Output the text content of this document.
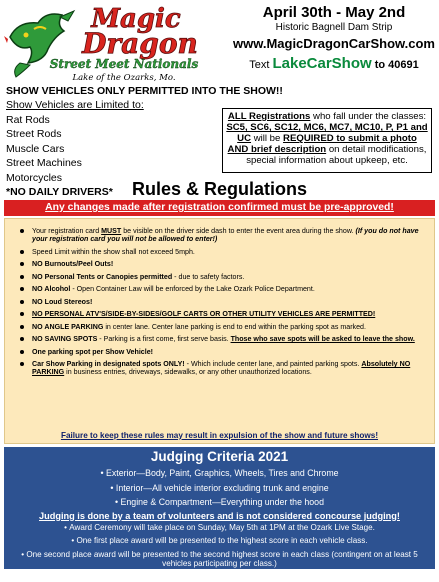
Magic
Dragon
Street Meet Nationals
Lake of the Ozarks, Mo.
April 30th - May 2nd
Historic Bagnell Dam Strip
www.MagicDragonCarShow.com
Text LakeCarShow to 40691
SHOW VEHICLES ONLY PERMITTED INTO THE SHOW!!
Show Vehicles are Limited to:
Rat Rods
Street Rods
Muscle Cars
Street Machines
Motorcycles
*NO DAILY DRIVERS*
ALL Registrations who fall under the classes: SC5, SC6, SC12, MC6, MC7, MC10, P, P1 and UC will be REQUIRED to submit a photo AND brief description on detail modifications, special information about upkeep, etc.
Rules & Regulations
Any changes made after registration confirmed must be pre-approved!
Your registration card MUST be visible on the driver side dash to enter the event area during the show. (If you do not have your registration card you will not be allowed to enter!)
Speed Limit within the show shall not exceed 5mph.
NO Burnouts/Peel Outs!
NO Personal Tents or Canopies permitted - due to safety factors.
NO Alcohol - Open Container Law will be enforced by the Lake Ozark Police Department.
NO Loud Stereos!
NO PERSONAL ATV'S/SIDE-BY-SIDES/GOLF CARTS OR OTHER UTILITY VEHICLES ARE PERMITTED!
NO ANGLE PARKING in center lane. Center lane parking is end to end within the parking spot as marked.
NO SAVING SPOTS - Parking is a first come, first serve basis. Those who save spots will be asked to leave the show.
One parking spot per Show Vehicle!
Car Show Parking in designated spots ONLY! - Which include center lane, and painted parking spots. Absolutely NO PARKING in business entries, driveways, sidewalks, or any other unauthorized locations.
Failure to keep these rules may result in expulsion of the show and future shows!
Judging Criteria 2021
• Exterior—Body, Paint, Graphics, Wheels, Tires and Chrome
• Interior—All vehicle interior excluding trunk and engine
• Engine & Compartment—Everything under the hood
Judging is done by a team of volunteers and is not considered concourse judging!
• Award Ceremony will take place on Sunday, May 5th at 1PM at the Ozark Live Stage.
• One first place award will be presented to the highest score in each vehicle class.
• One second place award will be presented to the second highest score in each class (contingent on at least 5 vehicles participating per class.)
• The Best of Show award will be presented to the vehicle with the highest overall score.
